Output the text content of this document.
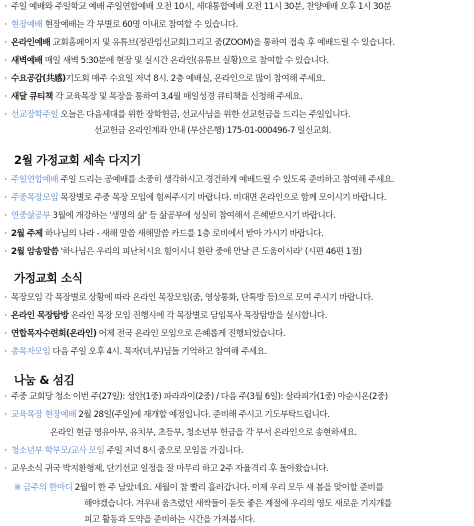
· 주일 예배와 주일학교 예배 주일연합예배 오전 10시, 세대통합예배 오전 11시 30분, 찬양예배 오후 1시 30분
· 현장예배 현장예배는 각 부별로 60명 이내로 참여할 수 있습니다.
· 온라인예배 교회홈페이지 및 유튜브(정관임신교회)그리고 줌(ZOOM)을 통하여 접속 후 예배드릴 수 있습니다.
· 새벽예배 매일 새벽 5:30분에 현장 및 실시간 온라인(유튜브 실황)으로 참여할 수 있습니다.
· 수요공감(共感)기도회 매주 수요일 저녁 8시. 2층 예배실, 온라인으로 많이 참여해 주세요.
· 새달 큐티책 각 교육목장 및 목장을 통하여 3,4월 매일성경 큐티책을 신청해 주세요.
· 선교장학주일 오늘은 다음세대를 위한 장학헌금, 선교사님을 위한 선교헌금을 드리는 주일입니다.
선교헌금 온라인계좌 안내 (부산은행) 175-01-000496-7 일신교회.
2월 가정교회 세속 다지기
· 주일연합예배 주일 드리는 공예배를 소중히 생각하시고 경건하게 예배드릴 수 있도록 준비하고 참여해 주세요.
· 주중목장모임 목장별로 주중 목장 모임에 힘써주시기 바랍니다. 비대면 온라인으로 함께 모이시기 바랍니다.
· 연중삶공부 3월에 개강하는 '생명의 삶' 등 삶공부에 성실히 참여해서 은혜받으시기 바랍니다.
· 2월 주제 하나님의 나라 - 새해 말씀 새해말씀 카드를 1층 로비에서 받아 가시기 바랍니다.
· 2월 암송말씀 '하나님은 우리의 피난처시요 힘이시니 환란 중에 만날 큰 도움이시라' (시편 46편 1절)
가정교회 소식
· 목장모임 각 목장별로 상황에 따라 온라인 목장모임(줌, 영상통화, 단톡방 등)으로 모여 주시기 바랍니다.
· 온라인 목장탐방 온라인 목장 모임 진행시에 각 목장별로 담임목사 목장탐방을 실시합니다.
· 연합목자수련회(온라인) 어제 전국 온라인 모임으로 은혜롭게 진행되었습니다.
· 총목자모임 다음 주일 오후 4시. 목자(녀,부)님들 기억하고 참여해 주세요.
나눔 & 섬김
· 주중 교회당 청소 이번 주(27일): 성안(1중) 파라과이(2중) / 다음 주(3월 6일): 살라피가(1중) 아순시온(2중)
· 교육목장 현장예배 2월 28일(주일)에 재개할 예정입니다. 준비해 주시고 기도부탁드립니다.
온라인 현금 영유아부, 유치부, 초등부, 청소년부 헌금을 각 부서 온라인으로 송현하세요.
· 청소년부 학부모/교사 모임 주일 저녁 8시 줌으로 모임을 가집니다.
· 교우소식 귀국 박지환형제, 단기선교 일정을 잘 마무리 하고 2주 자율격리 후 돌아왔습니다.
※ 금주의 한마디 2월이 한 주 남았네요. 세월이 참 빨리 흘러갑니다. 이제 우리 모두 새 봄을 맞이할 준비를
해야겠습니다. 겨우내 움츠렸던 새싹들이 돋듯 좋은 계절에 우리의 영도 새로운 기지개를
피고 활동과 도약을 준비하는 시간을 가져봅시다.
